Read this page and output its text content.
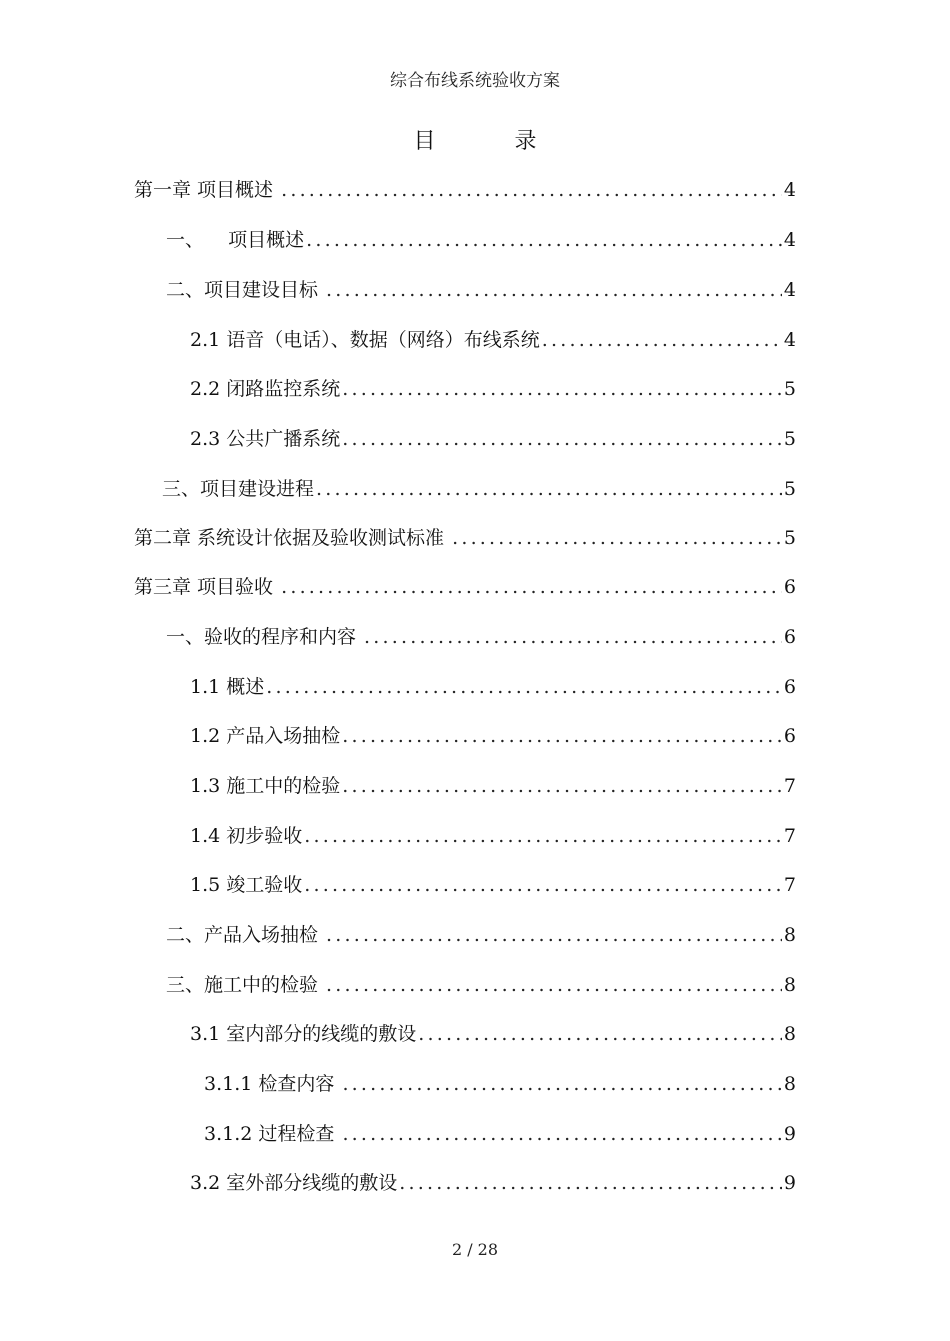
综合布线系统验收方案
目 录
第一章 项目概述 .....	4
一、    项目概述 .....	4
二、项目建设目标 .....	4
2.1 语音（电话）、数据（网络）布线系统 .....	4
2.2 闭路监控系统 .....	5
2.3 公共广播系统 .....	5
三、项目建设进程 .....	5
第二章 系统设计依据及验收测试标准 .....	5
第三章 项目验收 .....	6
一、验收的程序和内容 .....	6
1.1 概述 .....	6
1.2 产品入场抽检 .....	6
1.3 施工中的检验 .....	7
1.4 初步验收 .....	7
1.5 竣工验收 .....	7
二、产品入场抽检 .....	8
三、施工中的检验 .....	8
3.1 室内部分的线缆的敷设 .....	8
3.1.1 检查内容 .....	8
3.1.2 过程检查 .....	9
3.2 室外部分线缆的敷设 .....	9
2 / 28
